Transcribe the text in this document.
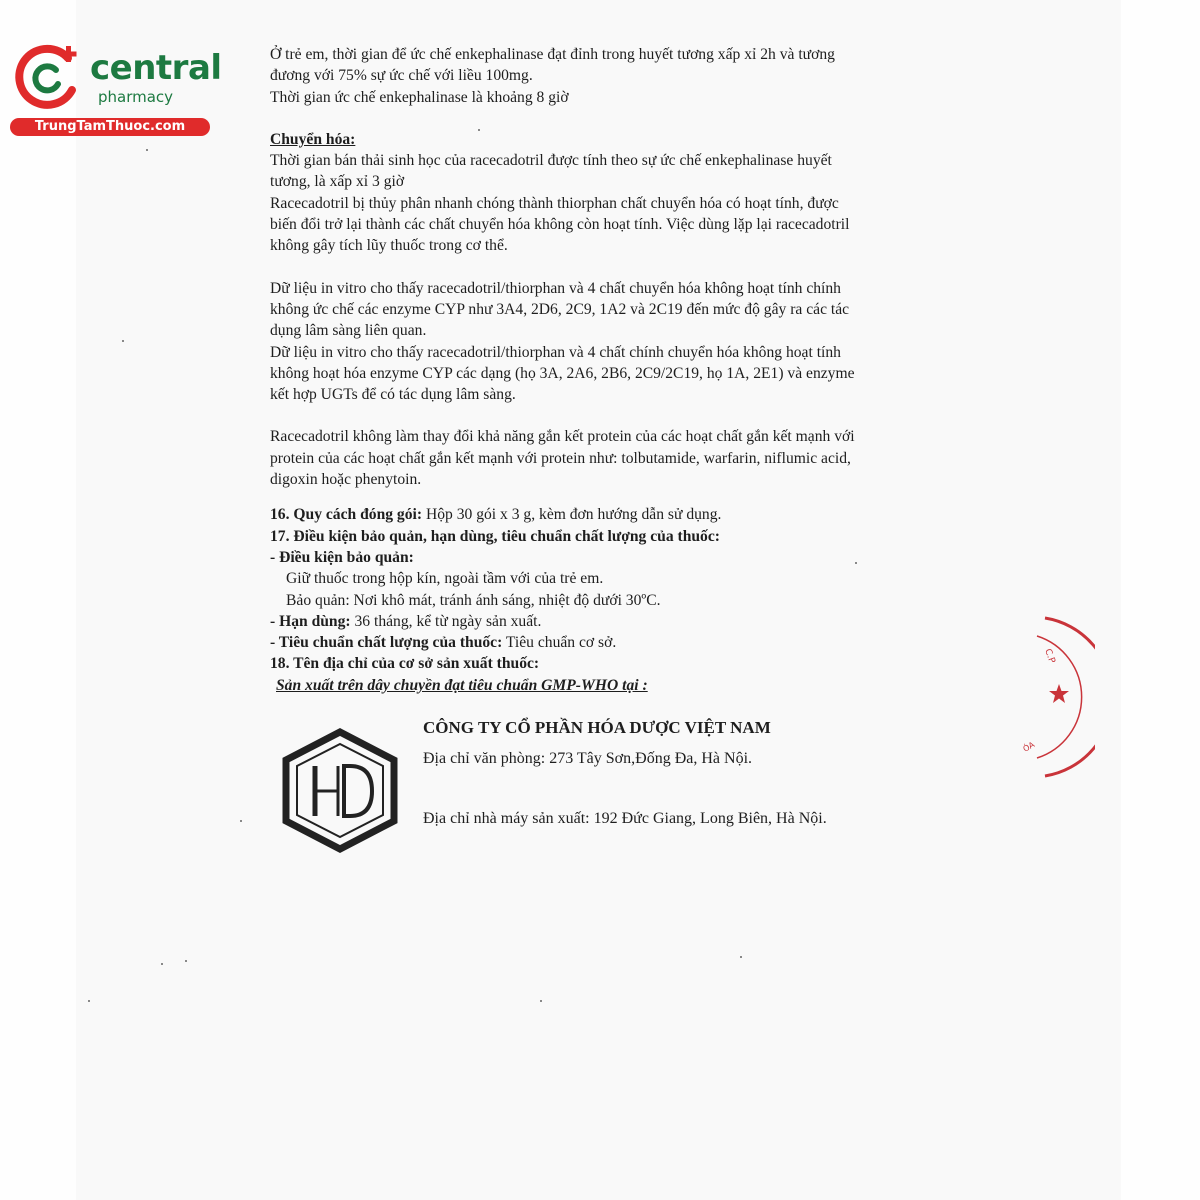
central
pharmacy
TrungTamThuoc.com

Ở trẻ em, thời gian để ức chế enkephalinase đạt đỉnh trong huyết tương xấp xỉ 2h và tương

đương với 75% sự ức chế với liều 100mg.

Thời gian ức chế enkephalinase là khoảng 8 giờ

Chuyển hóa:

Thời gian bán thải sinh học của racecadotril được tính theo sự ức chế enkephalinase huyết

tương, là xấp xỉ 3 giờ

Racecadotril bị thủy phân nhanh chóng thành thiorphan chất chuyển hóa có hoạt tính, được

biến đổi trở lại thành các chất chuyển hóa không còn hoạt tính. Việc dùng lặp lại racecadotril

không gây tích lũy thuốc trong cơ thể.

Dữ liệu in vitro cho thấy racecadotril/thiorphan và 4 chất chuyển hóa không hoạt tính chính

không ức chế các enzyme CYP như 3A4, 2D6, 2C9, 1A2 và 2C19 đến mức độ gây ra các tác

dụng lâm sàng liên quan.

Dữ liệu in vitro cho thấy racecadotril/thiorphan và 4 chất chính chuyển hóa không hoạt tính

không hoạt hóa enzyme CYP các dạng (họ 3A, 2A6, 2B6, 2C9/2C19, họ 1A, 2E1) và enzyme

kết hợp UGTs để có tác dụng lâm sàng.

Racecadotril không làm thay đổi khả năng gắn kết protein của các hoạt chất gắn kết mạnh với

protein của các hoạt chất gắn kết mạnh với protein như: tolbutamide, warfarin, niflumic acid,

digoxin hoặc phenytoin.

16. Quy cách đóng gói: Hộp 30 gói x 3 g, kèm đơn hướng dẫn sử dụng.

17. Điều kiện bảo quản, hạn dùng, tiêu chuẩn chất lượng của thuốc:

- Điều kiện bảo quản:

Giữ thuốc trong hộp kín, ngoài tầm với của trẻ em.

Bảo quản: Nơi khô mát, tránh ánh sáng, nhiệt độ dưới 30ºC.

- Hạn dùng: 36 tháng, kể từ ngày sản xuất.

- Tiêu chuẩn chất lượng của thuốc: Tiêu chuẩn cơ sở.

18. Tên địa chỉ của cơ sở sản xuất thuốc:

Sản xuất trên dây chuyền đạt tiêu chuẩn GMP-WHO tại :

CÔNG TY CỔ PHẦN HÓA DƯỢC VIỆT NAM
Địa chỉ văn phòng: 273 Tây Sơn,Đống Đa, Hà Nội.
Địa chỉ nhà máy sản xuất: 192 Đức Giang, Long Biên, Hà Nội.
C.P
ÓA
